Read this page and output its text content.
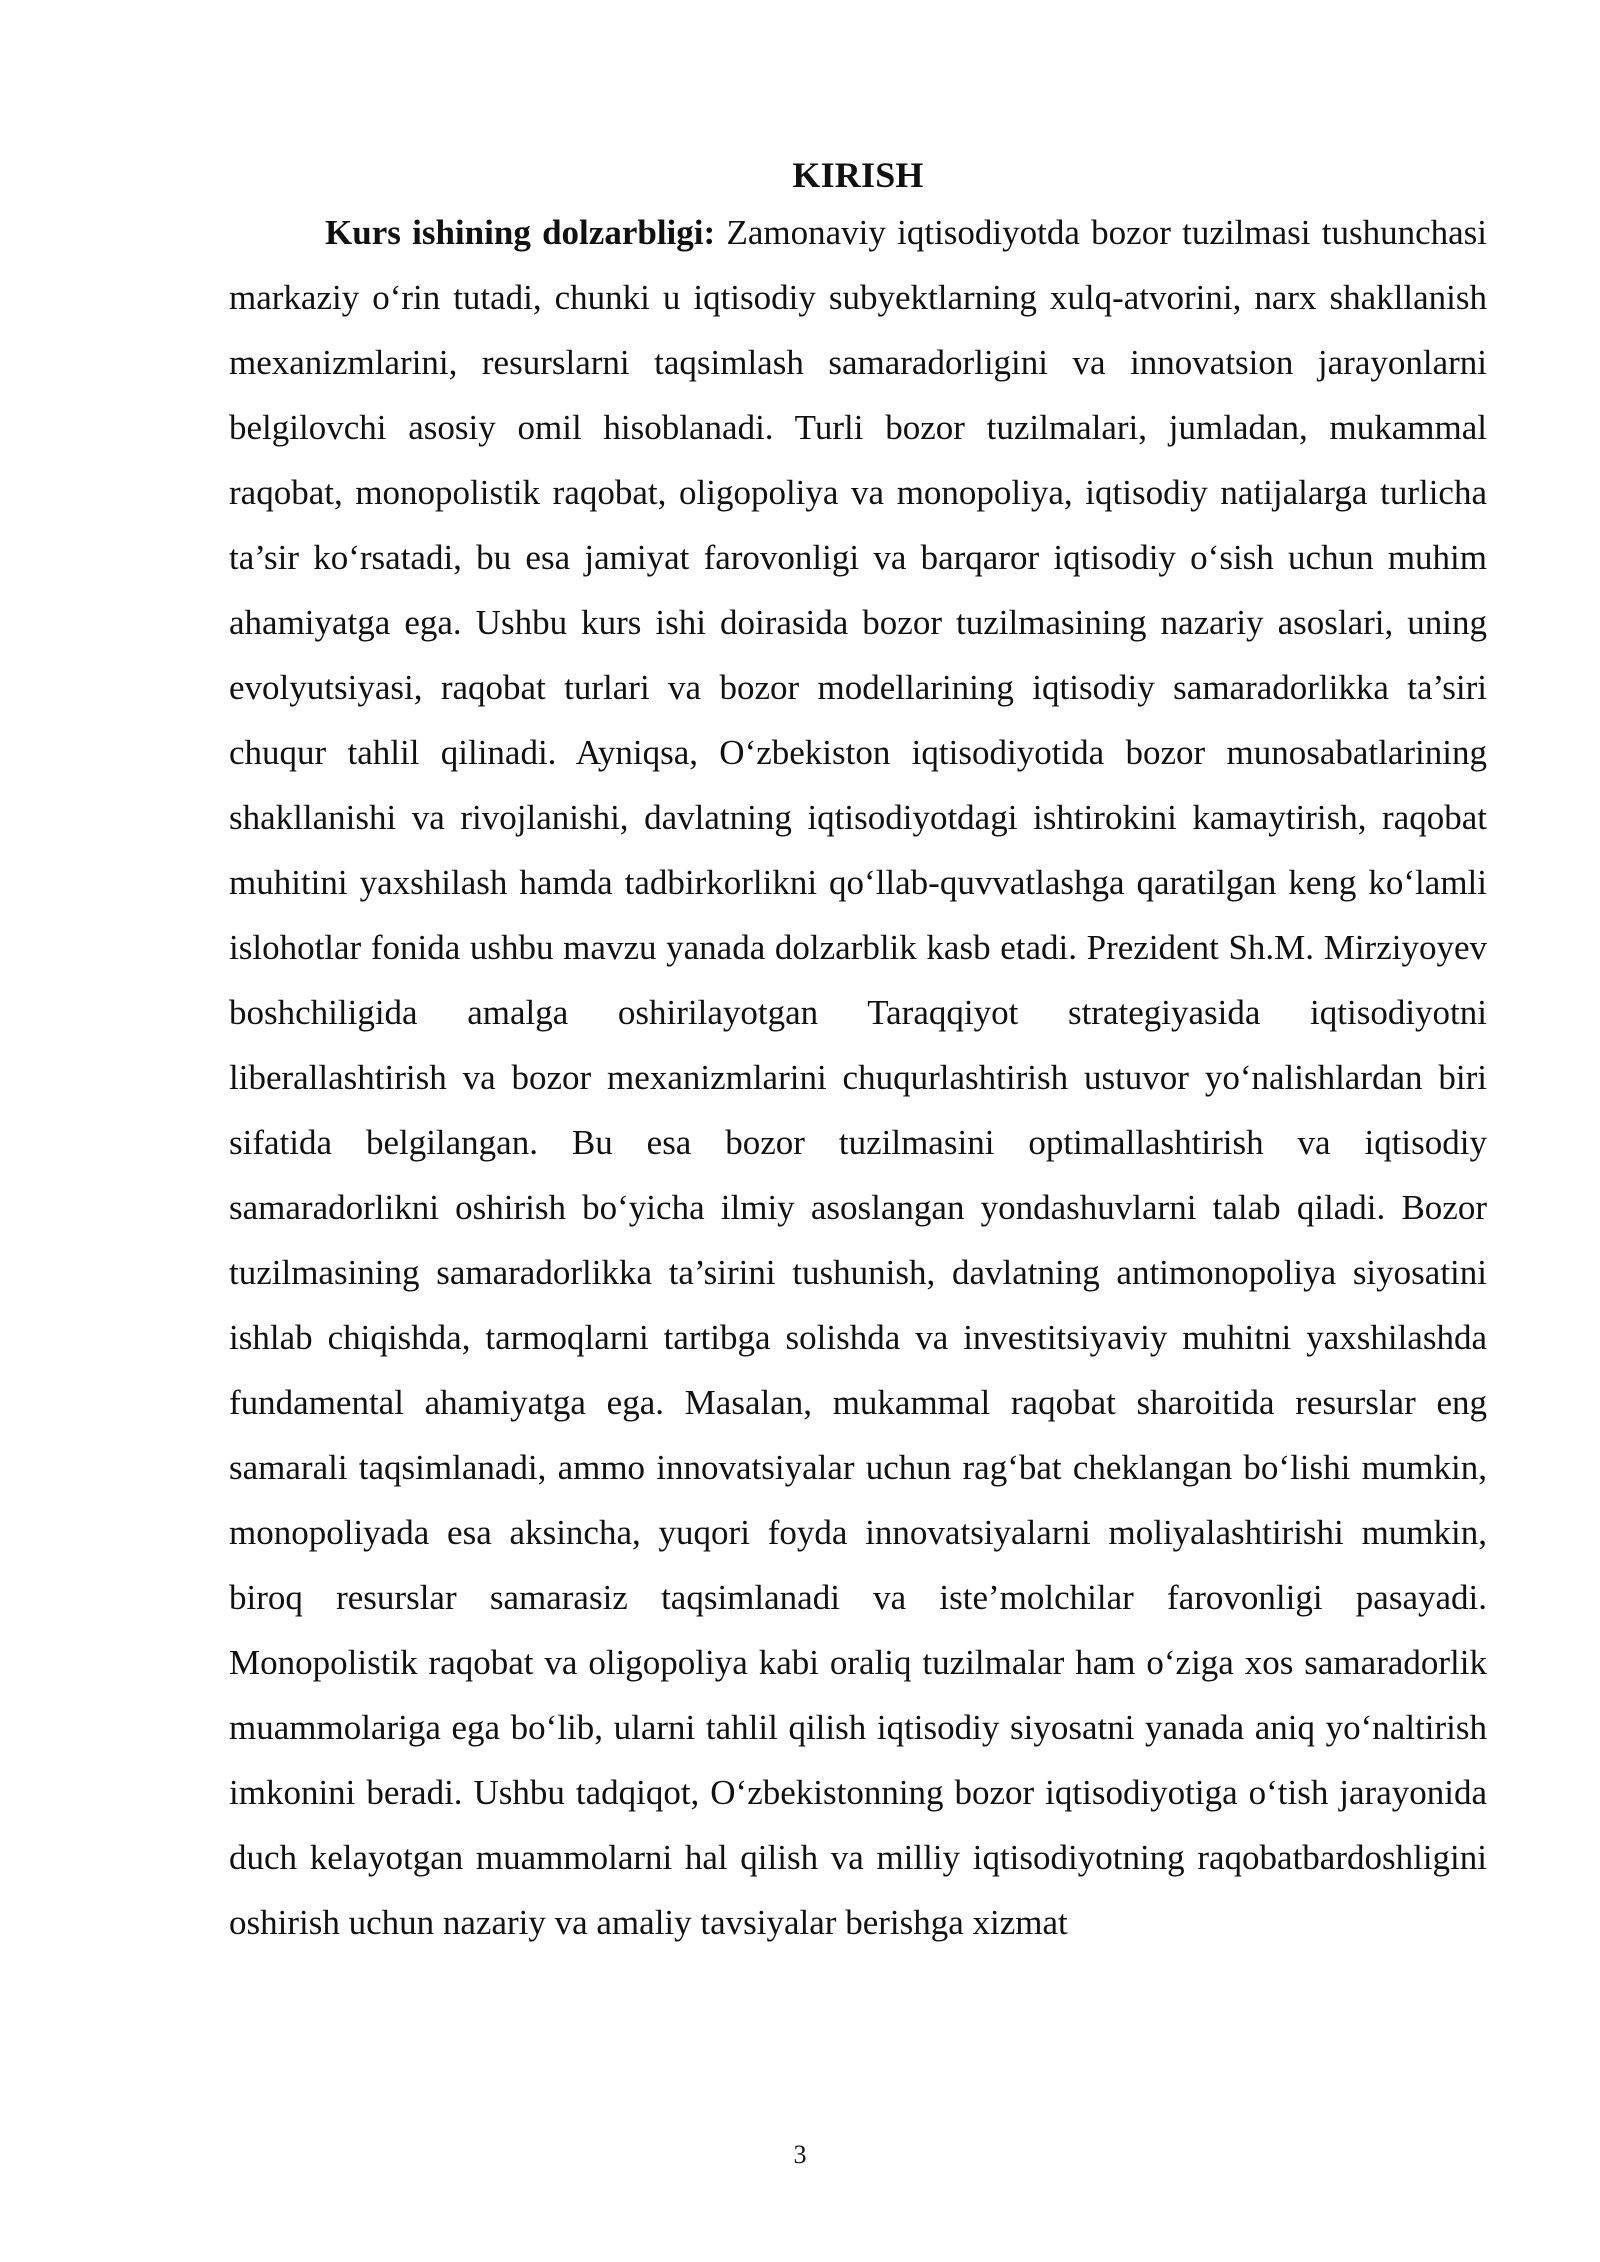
KIRISH

Kurs ishining dolzarbligi: Zamonaviy iqtisodiyotda bozor tuzilmasi tushunchasi markaziy oʻrin tutadi, chunki u iqtisodiy subyektlarning xulq-atvorini, narx shakllanish mexanizmlarini, resurslarni taqsimlash samaradorligini va innovatsion jarayonlarni belgilovchi asosiy omil hisoblanadi. Turli bozor tuzilmalari, jumladan, mukammal raqobat, monopolistik raqobat, oligopoliya va monopoliya, iqtisodiy natijalarga turlicha ta’sir koʻrsatadi, bu esa jamiyat farovonligi va barqaror iqtisodiy oʻsish uchun muhim ahamiyatga ega. Ushbu kurs ishi doirasida bozor tuzilmasining nazariy asoslari, uning evolyutsiyasi, raqobat turlari va bozor modellarining iqtisodiy samaradorlikka ta’siri chuqur tahlil qilinadi. Ayniqsa, Oʻzbekiston iqtisodiyotida bozor munosabatlarining shakllanishi va rivojlanishi, davlatning iqtisodiyotdagi ishtirokini kamaytirish, raqobat muhitini yaxshilash hamda tadbirkorlikni qoʻllab-quvvatlashga qaratilgan keng koʻlamli islohotlar fonida ushbu mavzu yanada dolzarblik kasb etadi. Prezident Sh.M. Mirziyoyev boshchiligida amalga oshirilayotgan Taraqqiyot strategiyasida iqtisodiyotni liberallashtirish va bozor mexanizmlarini chuqurlashtirish ustuvor yoʻnalishlardan biri sifatida belgilangan. Bu esa bozor tuzilmasini optimallashtirish va iqtisodiy samaradorlikni oshirish boʻyicha ilmiy asoslangan yondashuvlarni talab qiladi. Bozor tuzilmasining samaradorlikka ta’sirini tushunish, davlatning antimonopoliya siyosatini ishlab chiqishda, tarmoqlarni tartibga solishda va investitsiyaviy muhitni yaxshilashda fundamental ahamiyatga ega. Masalan, mukammal raqobat sharoitida resurslar eng samarali taqsimlanadi, ammo innovatsiyalar uchun ragʻbat cheklangan boʻlishi mumkin, monopoliyada esa aksincha, yuqori foyda innovatsiyalarni moliyalashtirishi mumkin, biroq resurslar samarasiz taqsimlanadi va iste’molchilar farovonligi pasayadi. Monopolistik raqobat va oligopoliya kabi oraliq tuzilmalar ham oʻziga xos samaradorlik muammolariga ega boʻlib, ularni tahlil qilish iqtisodiy siyosatni yanada aniq yoʻnaltirish imkonini beradi. Ushbu tadqiqot, Oʻzbekistonning bozor iqtisodiyotiga oʻtish jarayonida duch kelayotgan muammolarni hal qilish va milliy iqtisodiyotning raqobatbardoshligini oshirish uchun nazariy va amaliy tavsiyalar berishga xizmat

3
